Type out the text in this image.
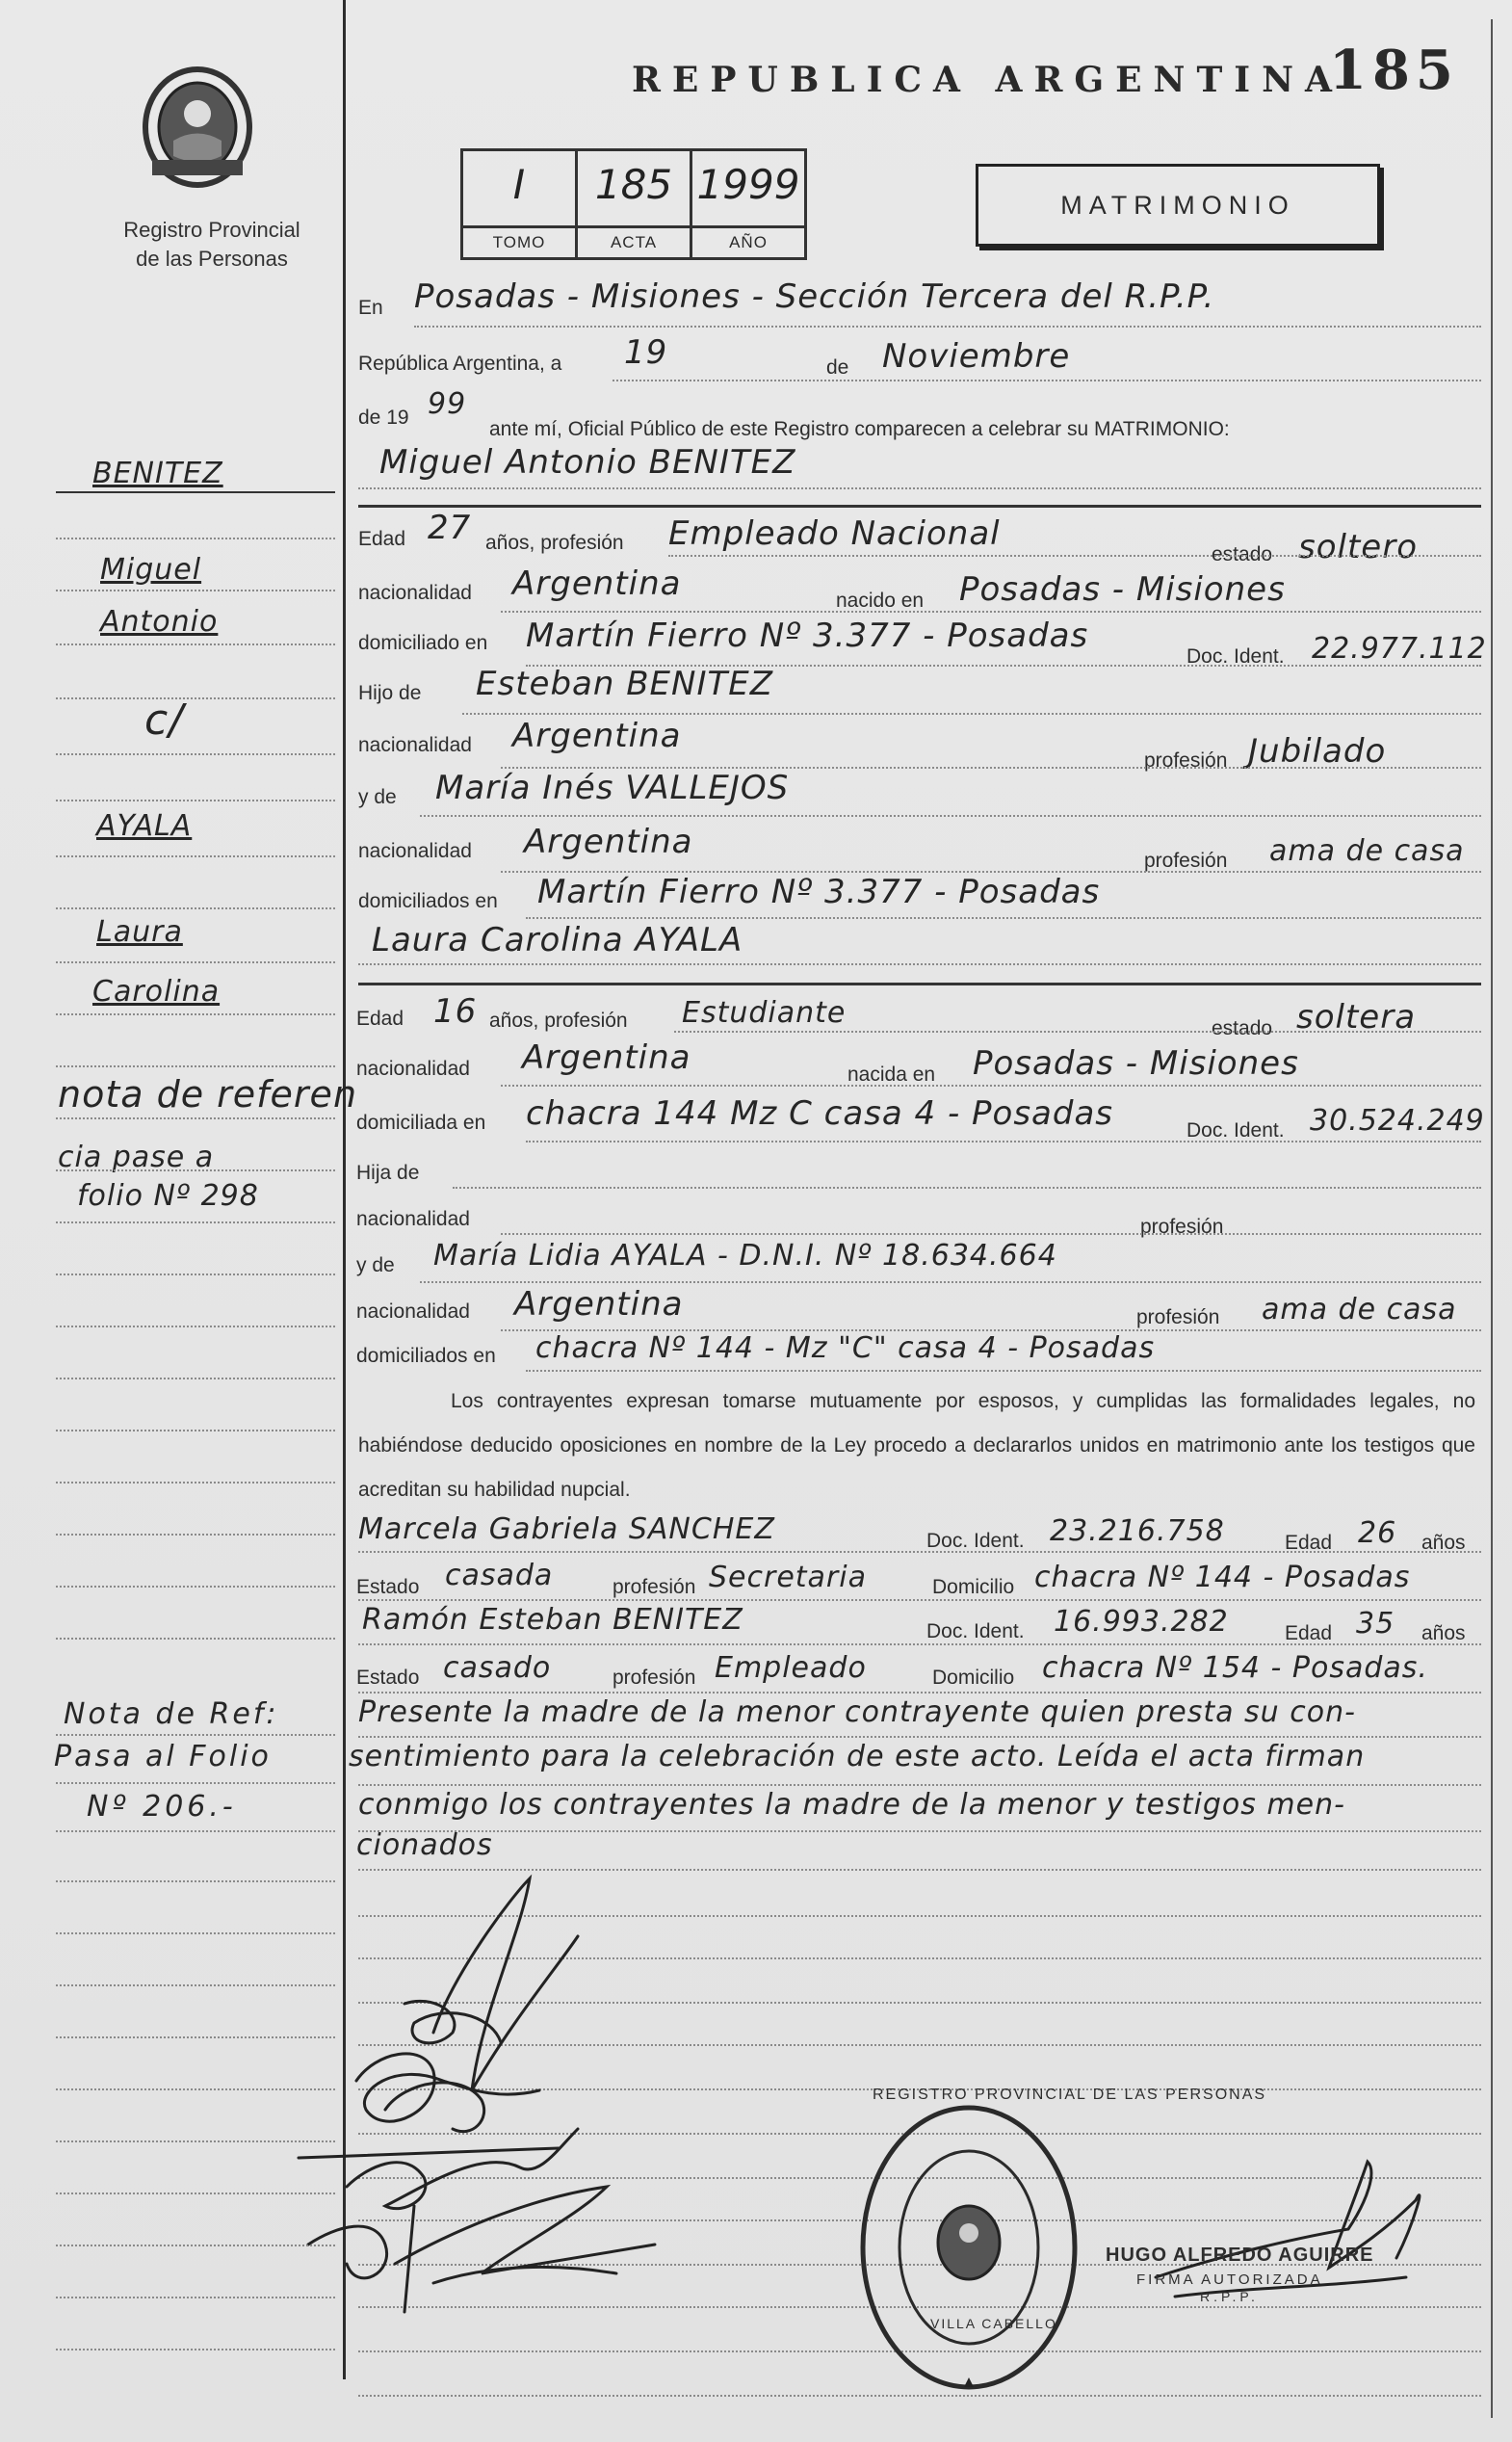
Registro Provincial
de las Personas
REPUBLICA ARGENTINA
185
I
TOMO
185
ACTA
1999
AÑO
MATRIMONIO
En Posadas - Misiones - Sección Tercera del R.P.P.
República Argentina, a 19	de Noviembre
de 19 99
ante mí, Oficial Público de este Registro comparecen a celebrar su MATRIMONIO:
Miguel Antonio BENITEZ
Edad 27 años, profesión Empleado Nacional
estado soltero
nacionalidad Argentina	nacido en Posadas - Misiones
domiciliado en Martín Fierro Nº 3.377 - Posadas
Doc. Ident. 22.977.112
Hijo de Esteban BENITEZ
nacionalidad Argentina
profesión Jubilado
y de María Inés VALLEJOS
nacionalidad Argentina	profesión ama de casa
domiciliados en Martín Fierro Nº 3.377 - Posadas
Laura Carolina AYALA
Edad 16 años, profesión Estudiante	estado soltera
nacionalidad Argentina	nacida en Posadas - Misiones
domiciliada en chacra 144 Mz C casa 4 - Posadas	Doc. Ident. 30.524.249
Hija de
nacionalidad	profesión
y de María Lidia AYALA - D.N.I. Nº 18.634.664
nacionalidad Argentina	profesión ama de casa
domiciliados en chacra Nº 144 - Mz "C" casa 4 - Posadas
Los contrayentes expresan tomarse mutuamente por esposos, y cumplidas las formalidades legales, no habiéndose deducido oposiciones en nombre de la Ley procedo a declararlos unidos en matrimonio ante los testigos que acreditan su habilidad nupcial.
Marcela Gabriela SANCHEZ	Doc. Ident. 23.216.758	Edad 26 años
Estado casada	profesión Secretaria	Domicilio chacra Nº 144 - Posadas
Ramón Esteban BENITEZ	Doc. Ident. 16.993.282	Edad 35 años
Estado casado	profesión Empleado	Domicilio chacra Nº 154 - Posadas.
Presente la madre de la menor contrayente quien presta su con-
sentimiento para la celebración de este acto. Leída el acta firman
conmigo los contrayentes la madre de la menor y testigos men-
cionados
REGISTRO PROVINCIAL DE LAS PERSONAS
VILLA CABELLO
HUGO ALFREDO AGUIRRE
FIRMA AUTORIZADA
R.P.P.
BENITEZ
Miguel
Antonio
c/
AYALA
Laura
Carolina
nota de referen
cia pase a
folio Nº 298
Nota de Ref:
Pasa al Folio
Nº 206.-
